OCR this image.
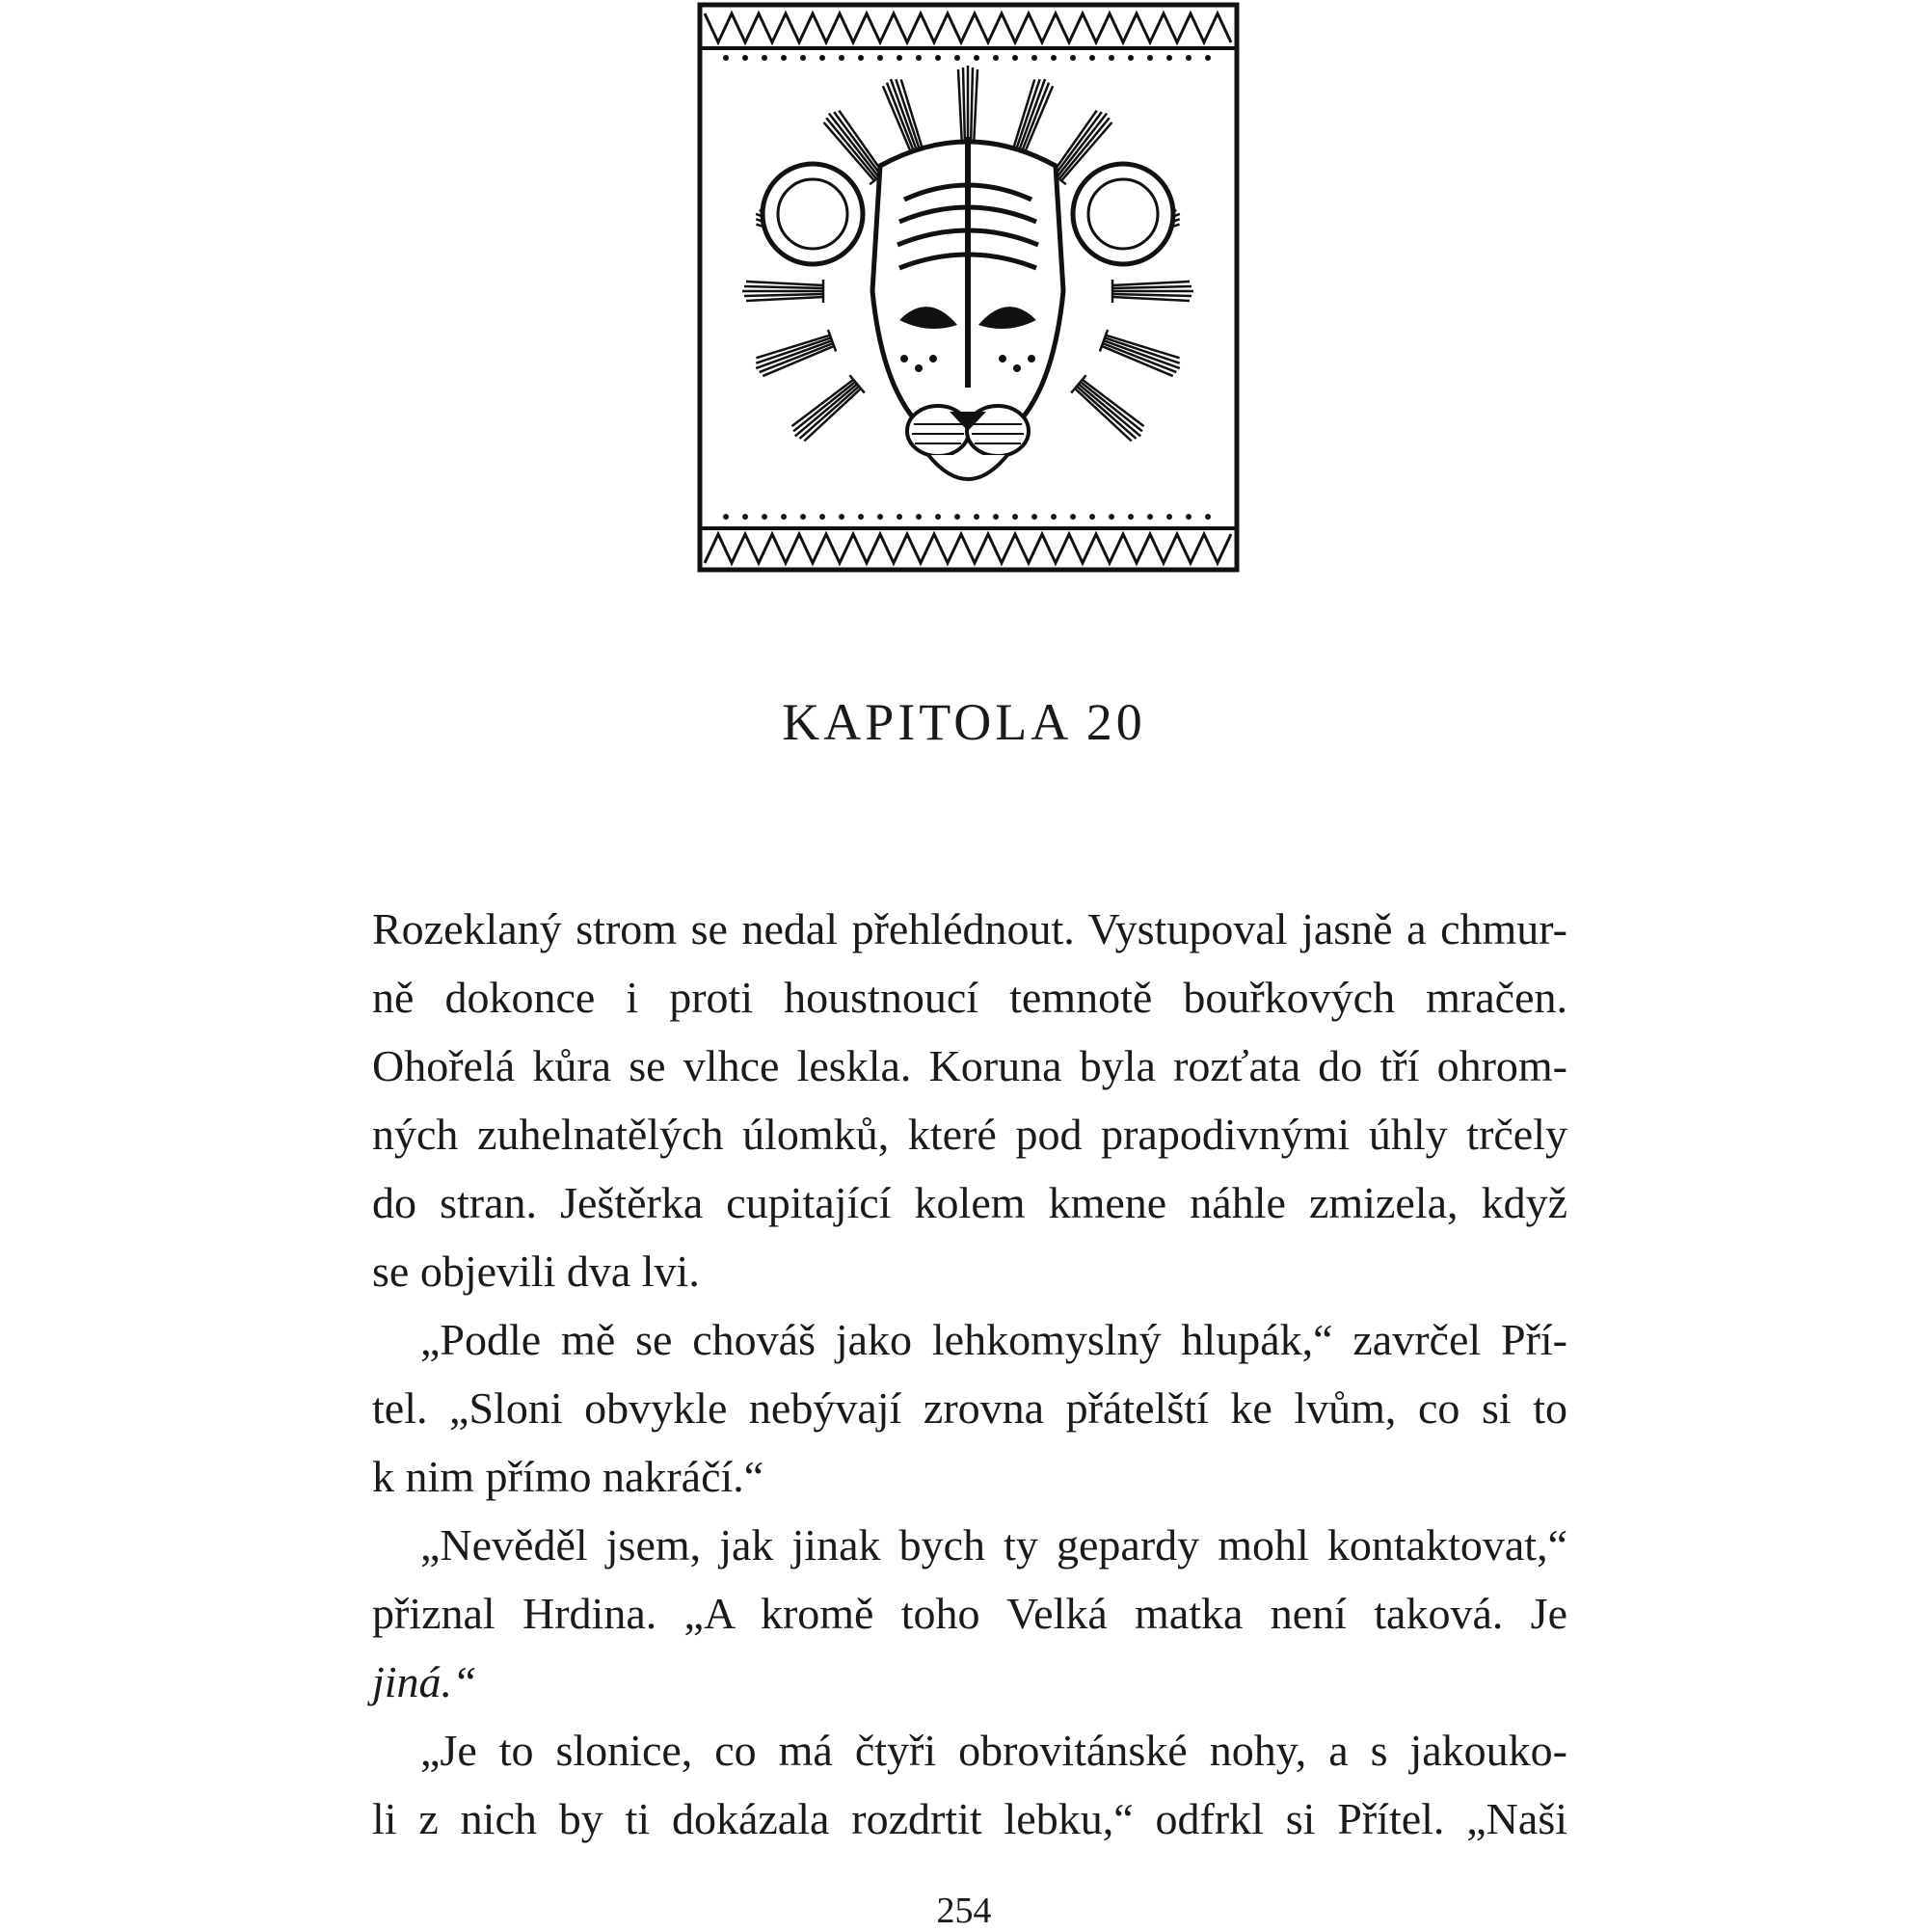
KAPITOLA 20
Rozeklaný strom se nedal přehlédnout. Vystupoval jasně a chmur-
ně dokonce i proti houstnoucí temnotě bouřkových mračen.
Ohořelá kůra se vlhce leskla. Koruna byla rozťata do tří ohrom-
ných zuhelnatělých úlomků, které pod prapodivnými úhly trčely
do stran. Ještěrka cupitající kolem kmene náhle zmizela, když
se objevili dva lvi.
„Podle mě se chováš jako lehkomyslný hlupák,“ zavrčel Pří-
tel. „Sloni obvykle nebývají zrovna přátelští ke lvům, co si to
k nim přímo nakráčí.“
„Nevěděl jsem, jak jinak bych ty gepardy mohl kontaktovat,“
přiznal Hrdina. „A kromě toho Velká matka není taková. Je
jiná.“
„Je to slonice, co má čtyři obrovitánské nohy, a s jakouko-
li z nich by ti dokázala rozdrtit lebku,“ odfrkl si Přítel. „Naši
254
